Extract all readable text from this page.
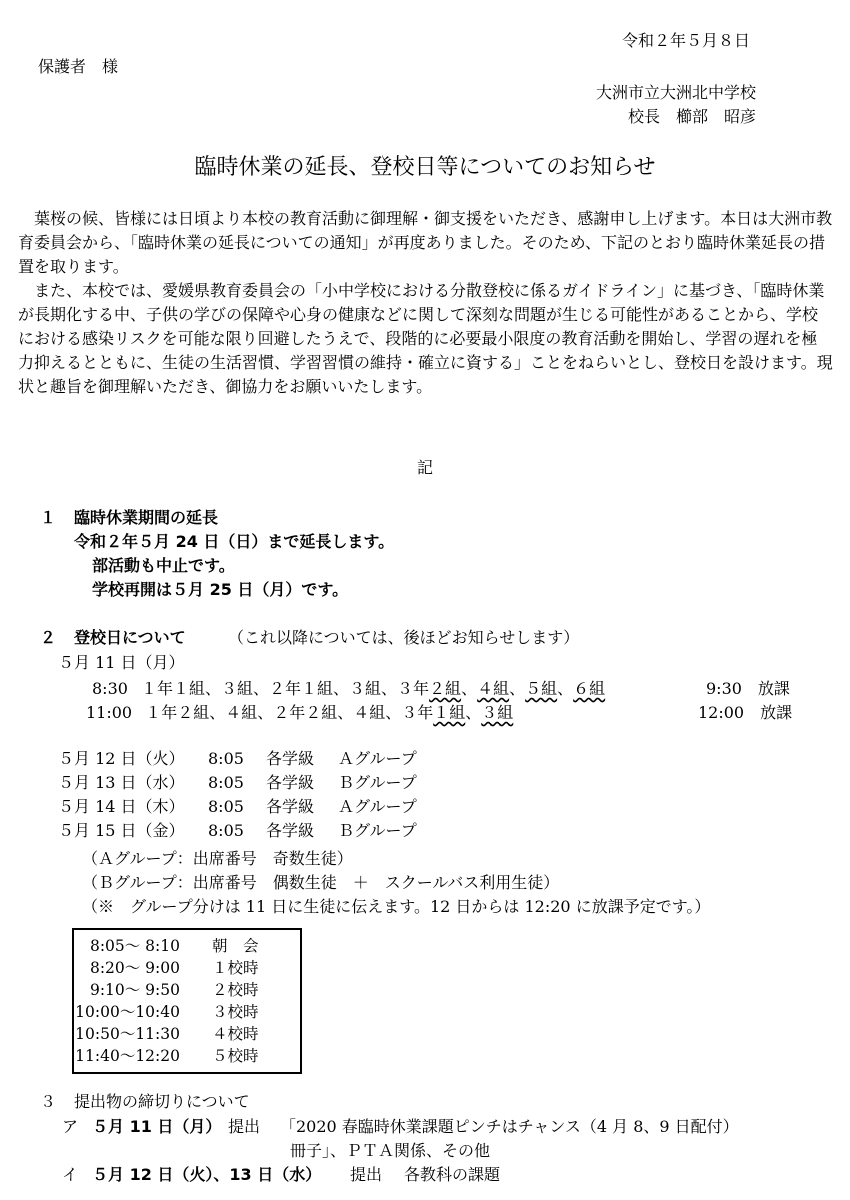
令和２年５月８日
保護者　様
大洲市立大洲北中学校
校長　櫛部　昭彦
臨時休業の延長、登校日等についてのお知らせ

葉桜の候、皆様には日頃より本校の教育活動に御理解・御支援をいただき、感謝申し上げます。本日は大洲市教育委員会から、「臨時休業の延長についての通知」が再度ありました。そのため、下記のとおり臨時休業延長の措置を取ります。

また、本校では、愛媛県教育委員会の「小中学校における分散登校に係るガイドライン」に基づき、「臨時休業が長期化する中、子供の学びの保障や心身の健康などに関して深刻な問題が生じる可能性があることから、学校における感染リスクを可能な限り回避したうえで、段階的に必要最小限度の教育活動を開始し、学習の遅れを極力抑えるとともに、生徒の生活習慣、学習習慣の維持・確立に資する」ことをねらいとし、登校日を設けます。現状と趣旨を御理解いただき、御協力をお願いいたします。

記
１ 臨時休業期間の延長
令和２年５月 24 日（日）まで延長します。
部活動も中止です。
学校再開は５月 25 日（月）です。
２ 登校日について	（これ以降については、後ほどお知らせします）
５月 11 日（月）
8:30 １年１組、３組、２年１組、３組、３年２組、４組、５組、６組	9:30　放課
11:00 １年２組、４組、２年２組、４組、３年１組、３組	12:00　放課
５月 12 日（火） 8:05 各学級 Ａグループ
５月 13 日（水） 8:05 各学級 Ｂグループ
５月 14 日（木） 8:05 各学級 Ａグループ
５月 15 日（金） 8:05 各学級 Ｂグループ
（Ａグループ：出席番号　奇数生徒）
（Ｂグループ：出席番号　偶数生徒　＋　スクールバス利用生徒）
（※　グループ分けは 11 日に生徒に伝えます。12 日からは 12:20 に放課予定です。）
8:05～ 8:10 朝　会
8:20～ 9:00 １校時
9:10～ 9:50 ２校時
10:00～10:40 ３校時
10:50～11:30 ４校時
11:40～12:20 ５校時
３ 提出物の締切りについて
ア ５月 11 日（月） 提出 「2020 春臨時休業課題ピンチはチャンス（4 月 8、9 日配付）
冊子」、ＰＴＡ関係、その他
イ ５月 12 日（火）、13 日（水） 提出 各教科の課題
